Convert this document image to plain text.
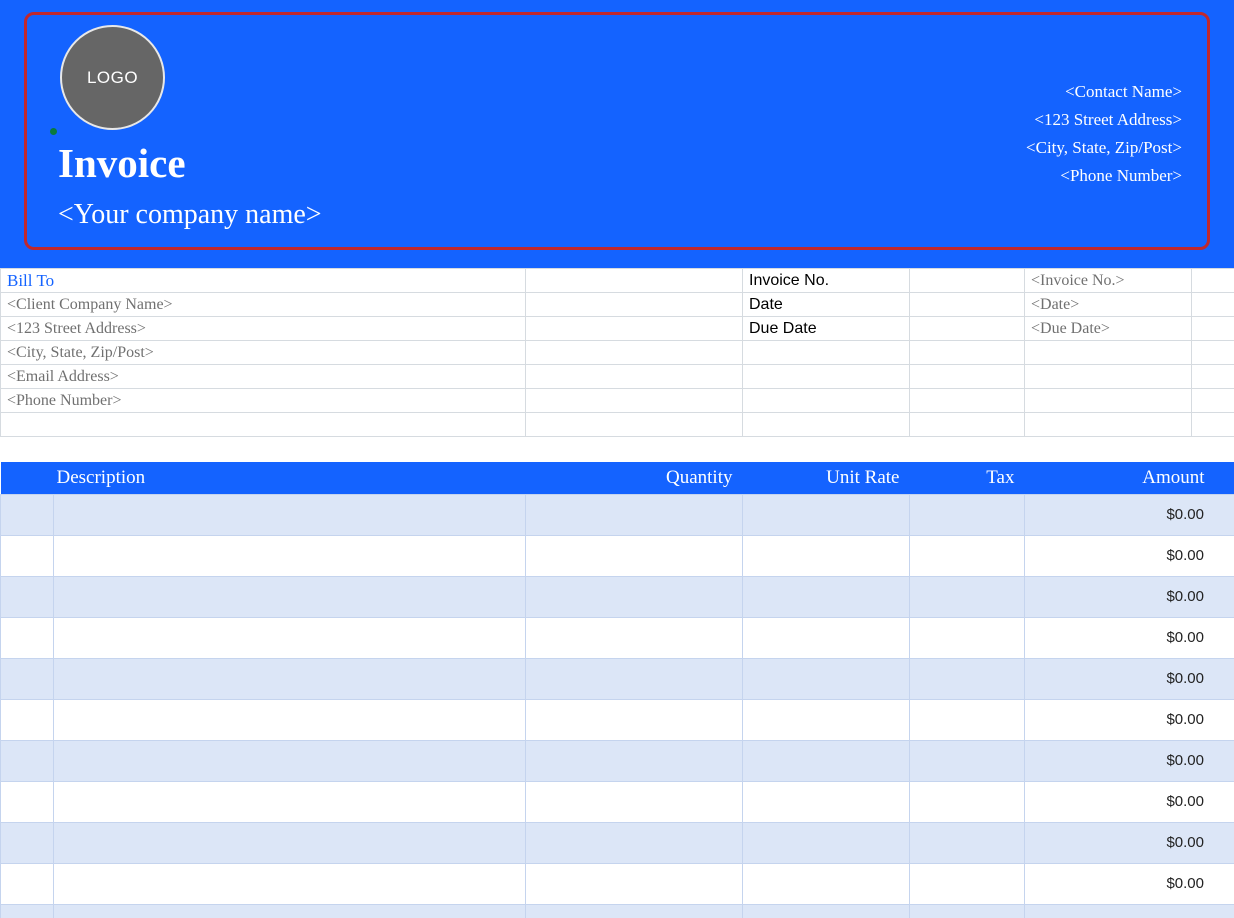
LOGO
Invoice
<Your company name>
<Contact Name>
<123 Street Address>
<City, State, Zip/Post>
<Phone Number>
Bill To		Invoice No.		<Invoice No.>	
<Client Company Name>		Date		<Date>	
<123 Street Address>		Due Date		<Due Date>	
<City, State, Zip/Post>					
<Email Address>					
<Phone Number>					

Description		Quantity	Unit Rate	Tax	Amount
					$0.00
					$0.00
					$0.00
					$0.00
					$0.00
					$0.00
					$0.00
					$0.00
					$0.00
					$0.00
